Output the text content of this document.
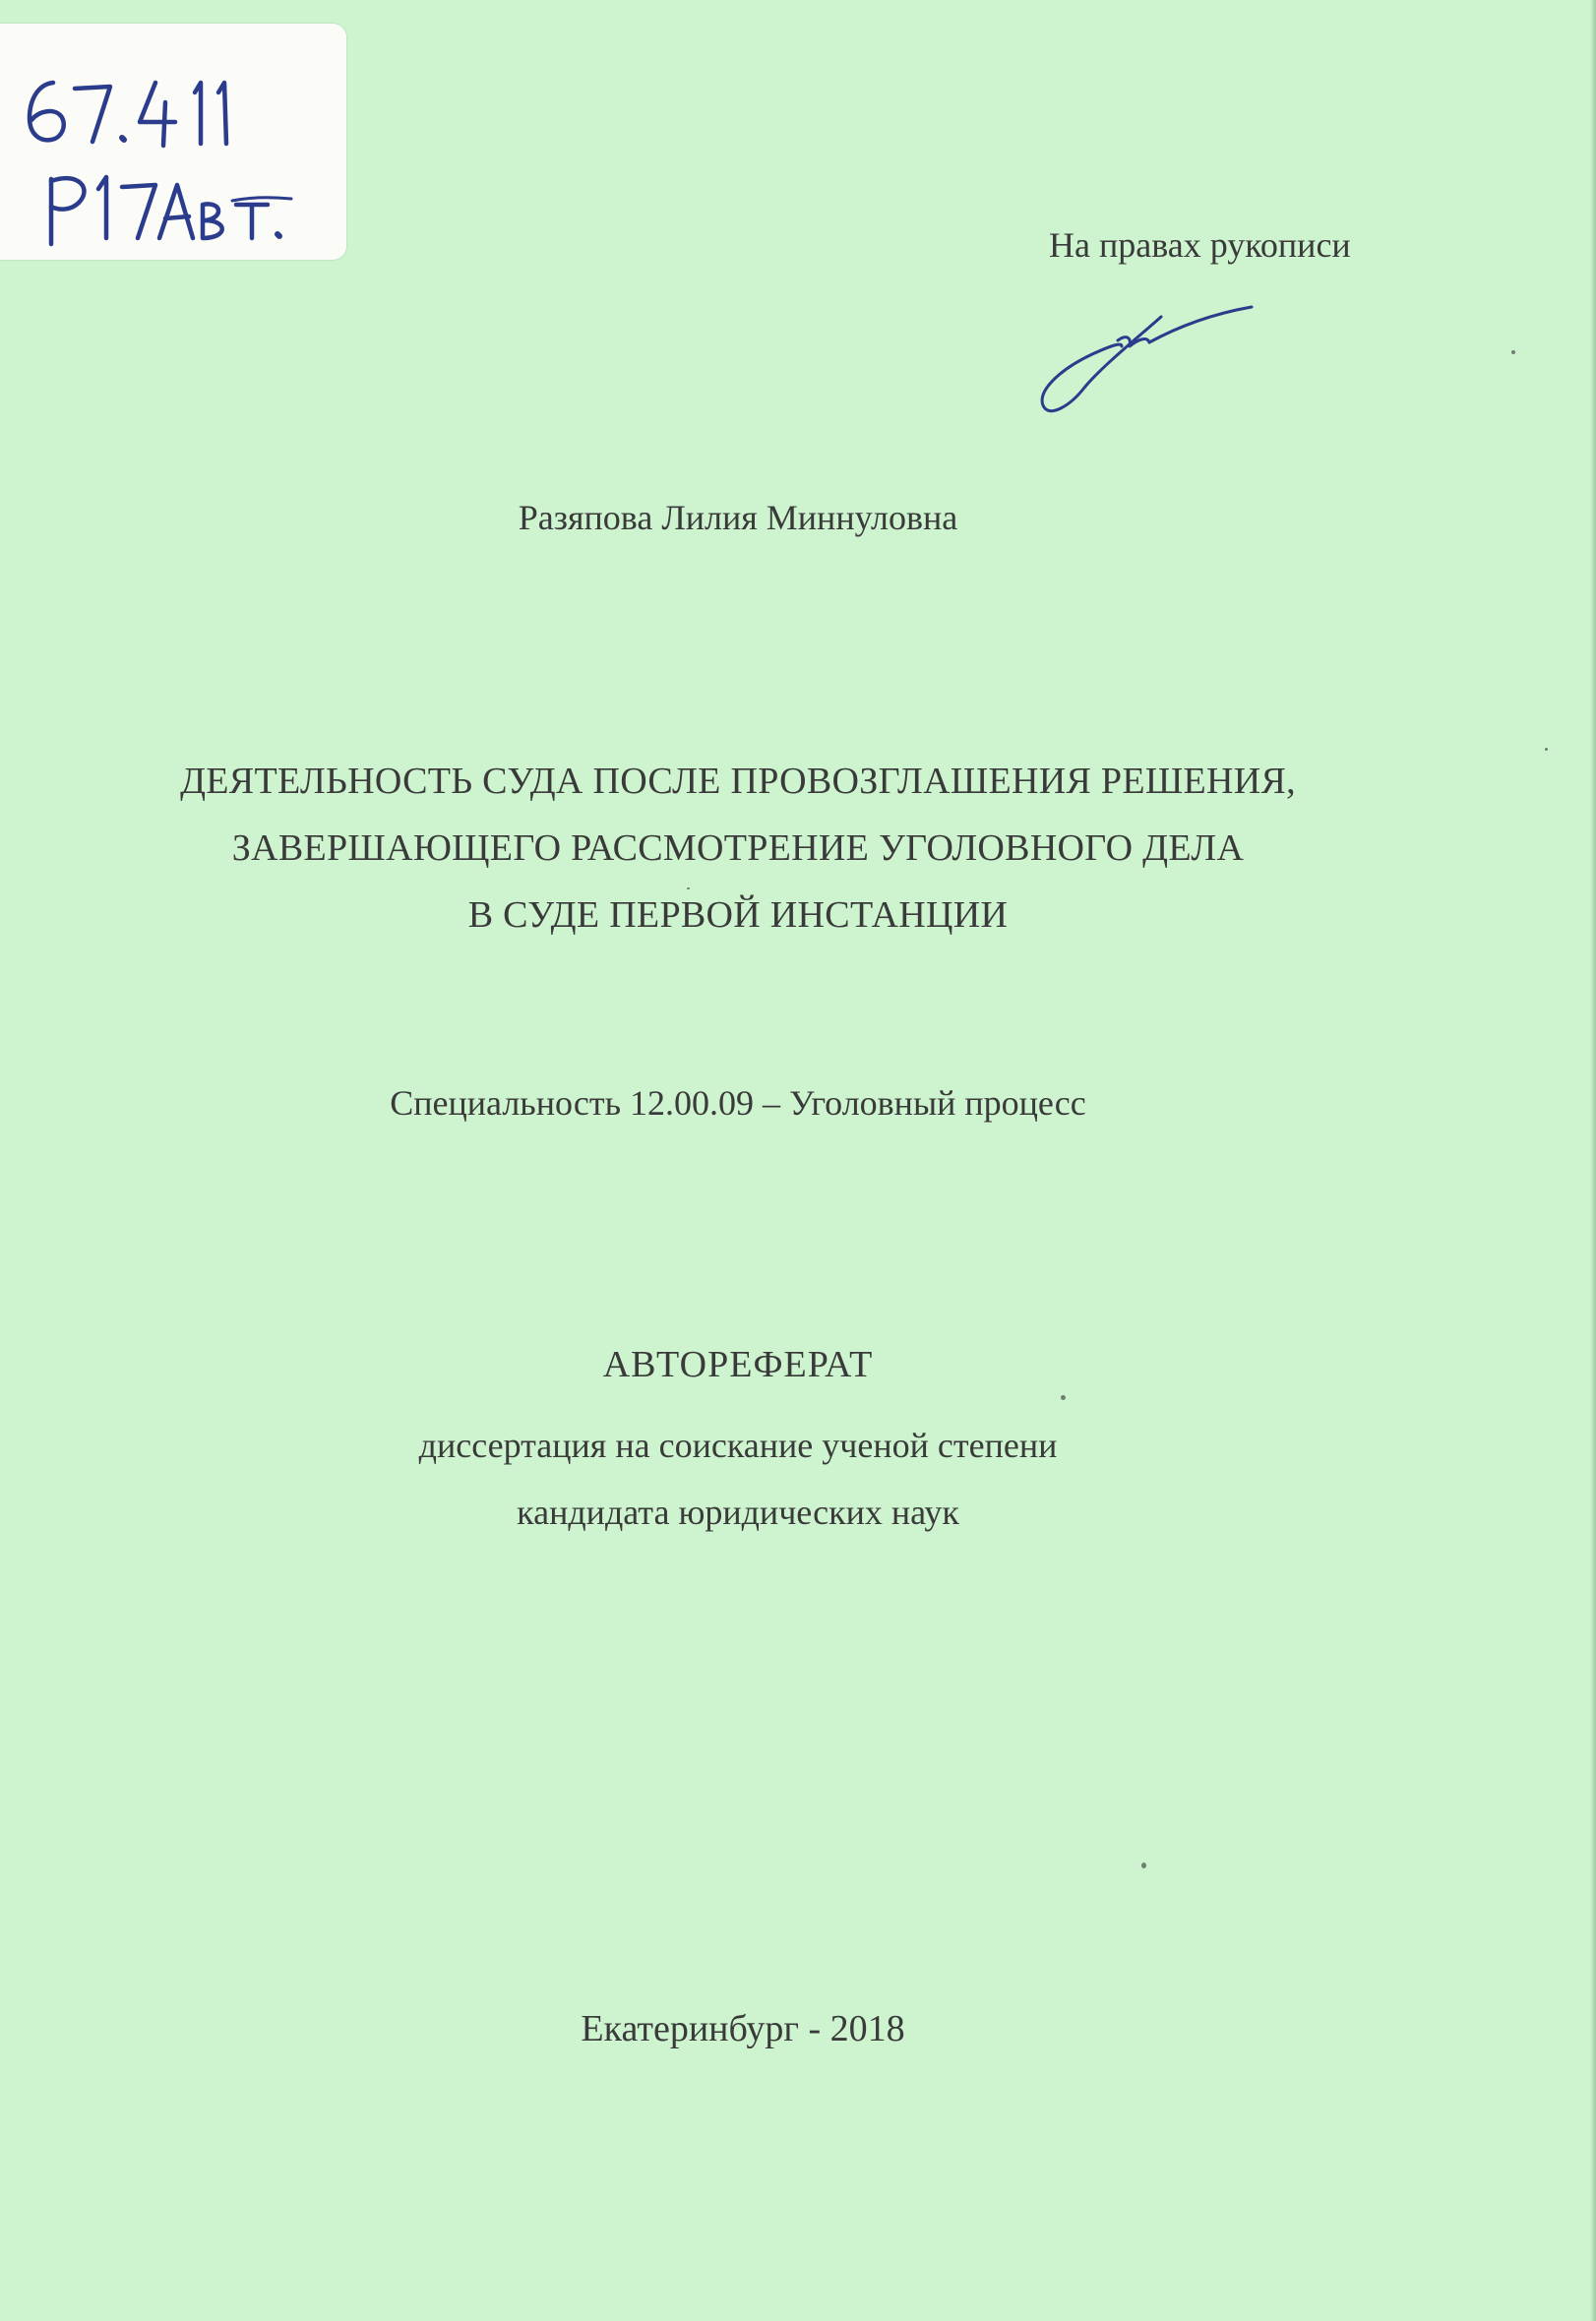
На правах рукописи
Разяпова Лилия Миннуловна
ДЕЯТЕЛЬНОСТЬ СУДА ПОСЛЕ ПРОВОЗГЛАШЕНИЯ РЕШЕНИЯ,
ЗАВЕРШАЮЩЕГО РАССМОТРЕНИЕ УГОЛОВНОГО ДЕЛА
В СУДЕ ПЕРВОЙ ИНСТАНЦИИ
Специальность 12.00.09 – Уголовный процесс
АВТОРЕФЕРАТ
диссертация на соискание ученой степени
кандидата юридических наук
Екатеринбург - 2018
